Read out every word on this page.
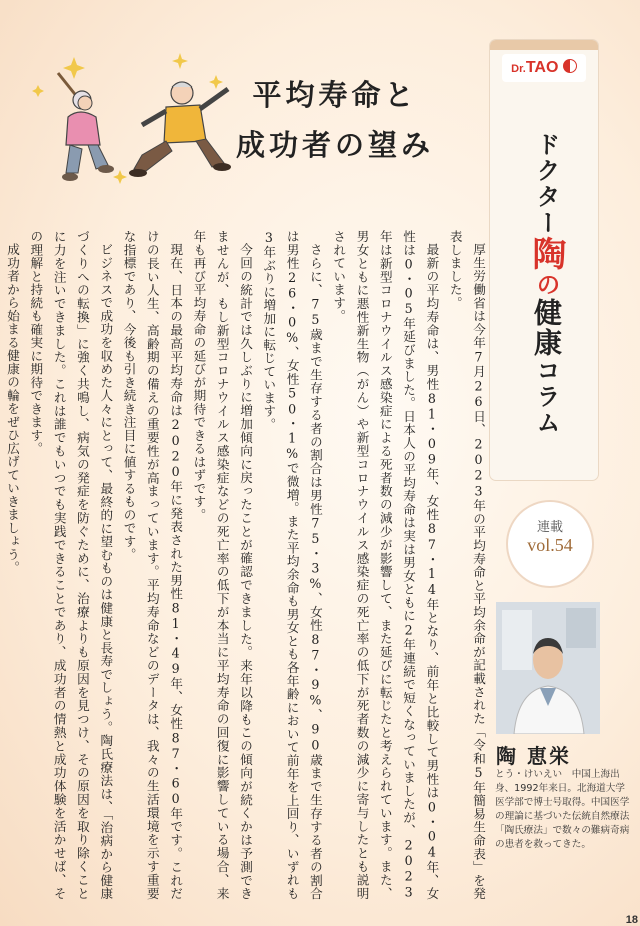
平均寿命と
成功者の望み
Dr.TAO
ドクター陶の健康コラム
連載
vol.54
陶 恵栄
とう・けいえい　中国上海出身、1992年来日。北海道大学医学部で博士号取得。中国医学の理論に基づいた伝統自然療法「陶氏療法」で数々の難病奇病の患者を救ってきた。

厚生労働省は今年7月26日、2023年の平均寿命と平均余命が記載された「令和5年簡易生命表」を発表しました。

最新の平均寿命は、男性81・09年、女性87・14年となり、前年と比較して男性は0・04年、女性は0・05年延びました。日本人の平均寿命は実は男女ともに2年連続で短くなっていましたが、2023年は新型コロナウイルス感染症による死者数の減少が影響して、また延びに転じたと考えられています。また、男女ともに悪性新生物（がん）や新型コロナウイルス感染症の死亡率の低下が死者数の減少に寄与したとも説明されています。

さらに、75歳まで生存する者の割合は男性75・3%、女性87・9%、90歳まで生存する者の割合は男性26・0%、女性50・1%で微増。また平均余命も男女とも各年齢において前年を上回り、いずれも3年ぶりに増加に転じています。

今回の統計では久しぶりに増加傾向に戻ったことが確認できました。来年以降もこの傾向が続くかは予測できませんが、もし新型コロナウイルス感染症などの死亡率の低下が本当に平均寿命の回復に影響している場合、来年も再び平均寿命の延びが期待できるはずです。

現在、日本の最高平均寿命は2020年に発表された男性81・49年、女性87・60年です。これだけの長い人生、高齢期の備えの重要性が高まっています。平均寿命などのデータは、我々の生活環境を示す重要な指標であり、今後も引き続き注目に値するものです。

ビジネスで成功を収めた人々にとって、最終的に望むものは健康と長寿でしょう。陶氏療法は、「治病から健康づくりへの転換」に強く共鳴し、病気の発症を防ぐために、治療よりも原因を見つけ、その原因を取り除くことに力を注いできました。これは誰でもいつでも実践できることであり、成功者の情熱と成功体験を活かせば、その理解と持続も確実に期待できます。

成功者から始まる健康の輪をぜひ広げていきましょう。

18
